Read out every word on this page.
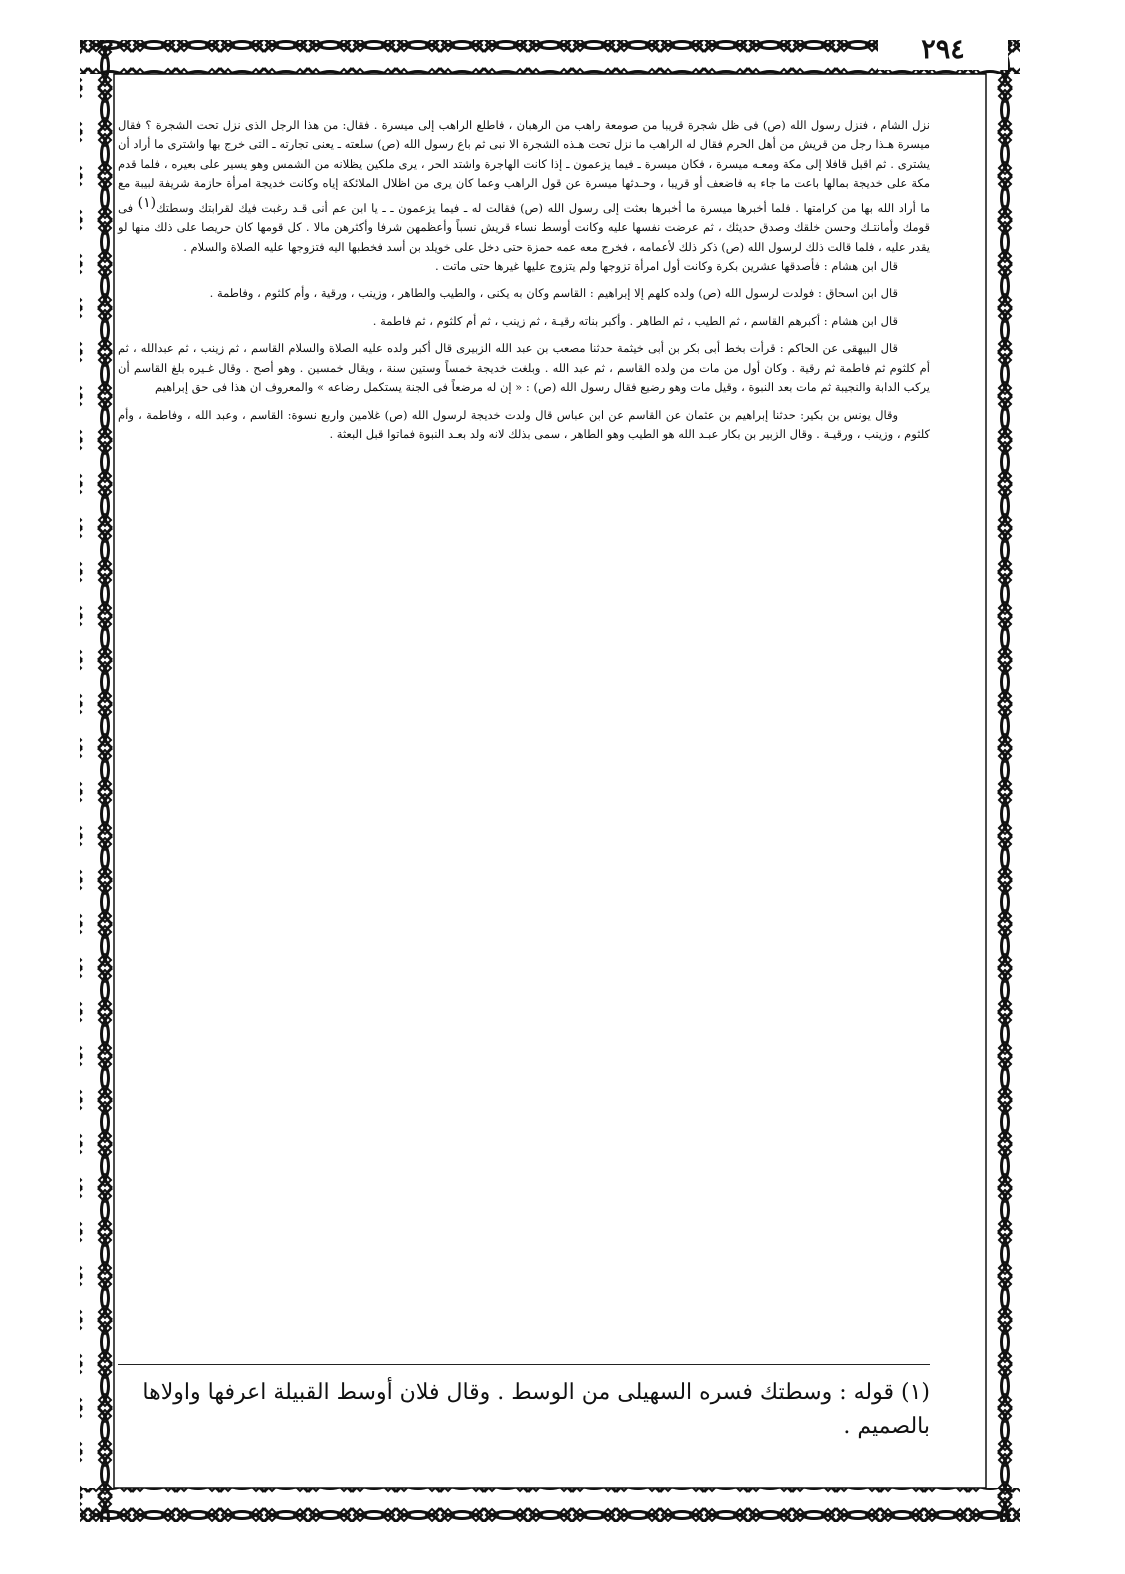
٢٩٤

نزل الشام ، فنزل رسول الله (ص) فى ظل شجرة قريبا من صومعة راهب من الرهبان ، فاطلع الراهب إلى ميسرة . فقال: من هذا الرجل الذى نزل تحت الشجرة ؟ فقال ميسرة هـذا رجل من قريش من أهل الحرم فقال له الراهب ما نزل تحت هـذه الشجرة الا نبى ثم باع رسول الله (ص) سلعته ـ يعنى تجارته ـ التى خرج بها واشترى ما أراد أن يشترى . ثم اقبل قافلا إلى مكة ومعـه ميسرة ، فكان ميسرة ـ فيما يزعمون ـ إذا كانت الهاجرة واشتد الحر ، يرى ملكين يظلانه من الشمس وهو يسير على بعيره ، فلما قدم مكة على خديجة بمالها باعت ما جاء به فاضعف أو قريبا ، وحـدثها ميسرة عن قول الراهب وعما كان يرى من اظلال الملائكة إياه وكانت خديجة امرأة حازمة شريفة لبيبة مع ما أراد الله بها من كرامتها . فلما أخبرها ميسرة ما أخبرها بعثت إلى رسول الله (ص) فقالت له ـ فيما يزعمون ـ ـ يا ابن عم أنى قـد رغبت فيك لقرابتك وسطتك$^{(١)}$ فى قومك وأمانتـك وحسن خلقك وصدق حديثك ، ثم عرضت نفسها عليه وكانت أوسط نساء قريش نسباً وأعظمهن شرفا وأكثرهن مالا . كل قومها كان حريصا على ذلك منها لو يقدر عليه ، فلما قالت ذلك لرسول الله (ص) ذكر ذلك لأعمامه ، فخرج معه عمه حمزة حتى دخل على خويلد بن أسد فخطبها اليه فتزوجها عليه الصلاة والسلام .

قال ابن هشام : فأصدقها عشرين بكرة وكانت أول امرأة تزوجها ولم يتزوج عليها غيرها حتى ماتت .

قال ابن اسحاق : فولدت لرسول الله (ص) ولده كلهم إلا إبراهيم : القاسم وكان به يكنى ، والطيب والطاهر ، وزينب ، ورقية ، وأم كلثوم ، وفاطمة .

قال ابن هشام : أكبرهم القاسم ، ثم الطيب ، ثم الطاهر . وأكبر بناته رقيـة ، ثم زينب ، ثم أم كلثوم ، ثم فاطمة .

قال البيهقى عن الحاكم : قرأت بخط أبى بكر بن أبى خيثمة حدثنا مصعب بن عبد الله الزبيرى قال أكبر ولده عليه الصلاة والسلام القاسم ، ثم زينب ، ثم عبدالله ، ثم أم كلثوم ثم فاطمة ثم رقية . وكان أول من مات من ولده القاسم ، ثم عبد الله . وبلغت خديجة خمساً وستين سنة ، ويقال خمسين . وهو أصح . وقال غـيره بلغ القاسم أن يركب الدابة والنجيبة ثم مات بعد النبوة ، وقيل مات وهو رضيع فقال رسول الله (ص) : « إن له مرضعاً فى الجنة يستكمل رضاعه » والمعروف ان هذا فى حق إبراهيم

وقال يونس بن بكير: حدثنا إبراهيم بن عثمان عن القاسم عن ابن عباس قال ولدت خديجة لرسول الله (ص) غلامين واربع نسوة: القاسم ، وعبد الله ، وفاطمة ، وأم كلثوم ، وزينب ، ورقيـة . وقال الزبير بن بكار عبـد الله هو الطيب وهو الطاهر ، سمى بذلك لانه ولد بعـد النبوة فماتوا قبل البعثة .

(١) قوله : وسطتك فسره السهيلى من الوسط . وقال فلان أوسط القبيلة اعرفها واولاها بالصميم .
